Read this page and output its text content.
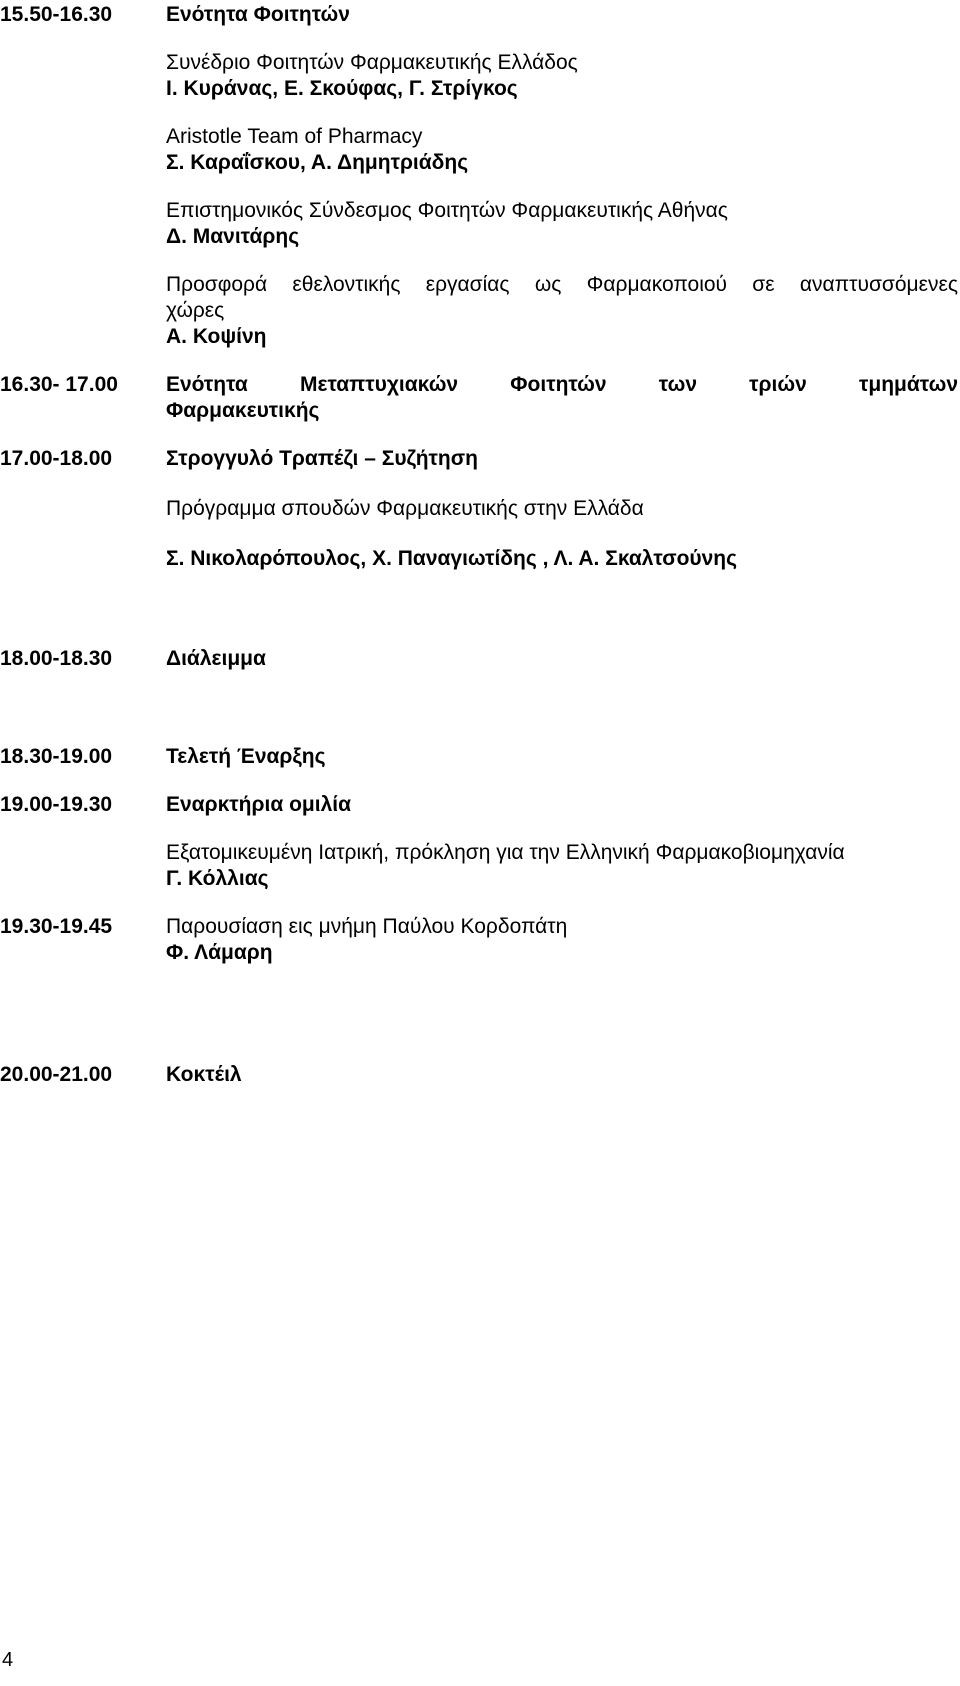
15.50-16.30	Ενότητα Φοιτητών
Συνέδριο Φοιτητών Φαρμακευτικής Ελλάδος
Ι. Κυράνας, Ε. Σκούφας, Γ. Στρίγκος
Aristotle Team of Pharmacy
Σ. Καραΐσκου, Α. Δημητριάδης
Επιστημονικός Σύνδεσμος Φοιτητών Φαρμακευτικής Αθήνας
Δ. Μανιτάρης
Προσφορά εθελοντικής εργασίας ως Φαρμακοποιού σε αναπτυσσόμενες
χώρες
Α. Κοψίνη
16.30- 17.00 Ενότητα Μεταπτυχιακών Φοιτητών των τριών τμημάτων
Φαρμακευτικής
17.00-18.00	Στρογγυλό Τραπέζι – Συζήτηση
Πρόγραμμα σπουδών Φαρμακευτικής στην Ελλάδα
Σ. Νικολαρόπουλος, Χ. Παναγιωτίδης , Λ. Α. Σκαλτσούνης
18.00-18.30	Διάλειμμα
18.30-19.00	Τελετή Έναρξης
19.00-19.30	Εναρκτήρια ομιλία
Εξατομικευμένη Ιατρική, πρόκληση για την Ελληνική Φαρμακοβιομηχανία
Γ. Κόλλιας
19.30-19.45	Παρουσίαση εις μνήμη Παύλου Κορδοπάτη
Φ. Λάμαρη
20.00-21.00	Κοκτέιλ
4
